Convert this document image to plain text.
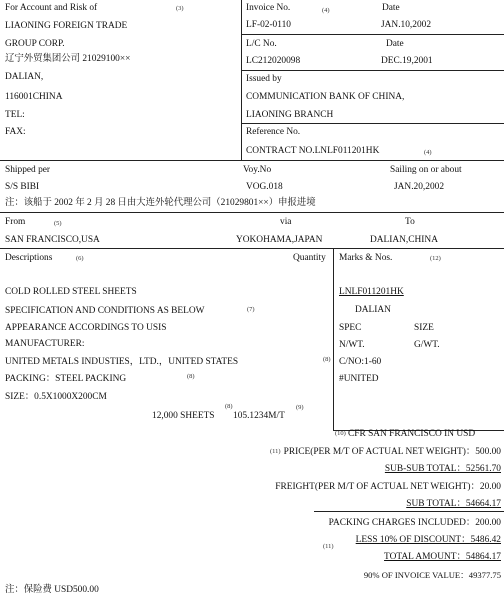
For Account and Risk of	(3)
LIAONING FOREIGN TRADE
GROUP CORP.
辽宁外贸集团公司 21029100××
DALIAN,
116001CHINA
TEL:
FAX:
Invoice No.	(4)	Date
LF-02-0110	JAN.10,2002
L/C No.	Date
LC212020098	DEC.19,2001
Issued by
COMMUNICATION BANK OF CHINA,
LIAONING BRANCH
Reference No.
CONTRACT NO.LNLF011201HK	(4)
Shipped per	Voy.No	Sailing on or about
S/S BIBI	VOG.018	JAN.20,2002
注：该船于 2002 年 2 月 28 日由大连外轮代理公司（21029801××）申报进境
From	(5)	via	To
SAN FRANCISCO,USA	YOKOHAMA,JAPAN	DALIAN,CHINA
Descriptions	(6)	Quantity
COLD ROLLED STEEL SHEETS
SPECIFICATION AND CONDITIONS AS BELOW	(7)
APPEARANCE ACCORDINGS TO USIS
MANUFACTURER:
UNITED METALS INDUSTIES，LTD.，UNITED STATES	(8)
PACKING：STEEL PACKING	(8)
SIZE：0.5X1000X200CM
(8)
12,000 SHEETS 105.1234M/T
(9)
Marks & Nos.	(12)
LNLF011201HK
DALIAN
SPEC	SIZE
N/WT.	G/WT.
C/NO:1-60
#UNITED
(10) CFR SAN FRANCISCO IN USD
(11) PRICE(PER M/T OF ACTUAL NET WEIGHT)：500.00
SUB-SUB TOTAL：52561.70
FREIGHT(PER M/T OF ACTUAL NET WEIGHT)：20.00
SUB TOTAL：54664.17
PACKING CHARGES INCLUDED：200.00
LESS 10% OF DISCOUNT：5486.42
(11)
TOTAL AMOUNT：54864.17
90% OF INVOICE VALUE：49377.75
注：保险费 USD500.00
